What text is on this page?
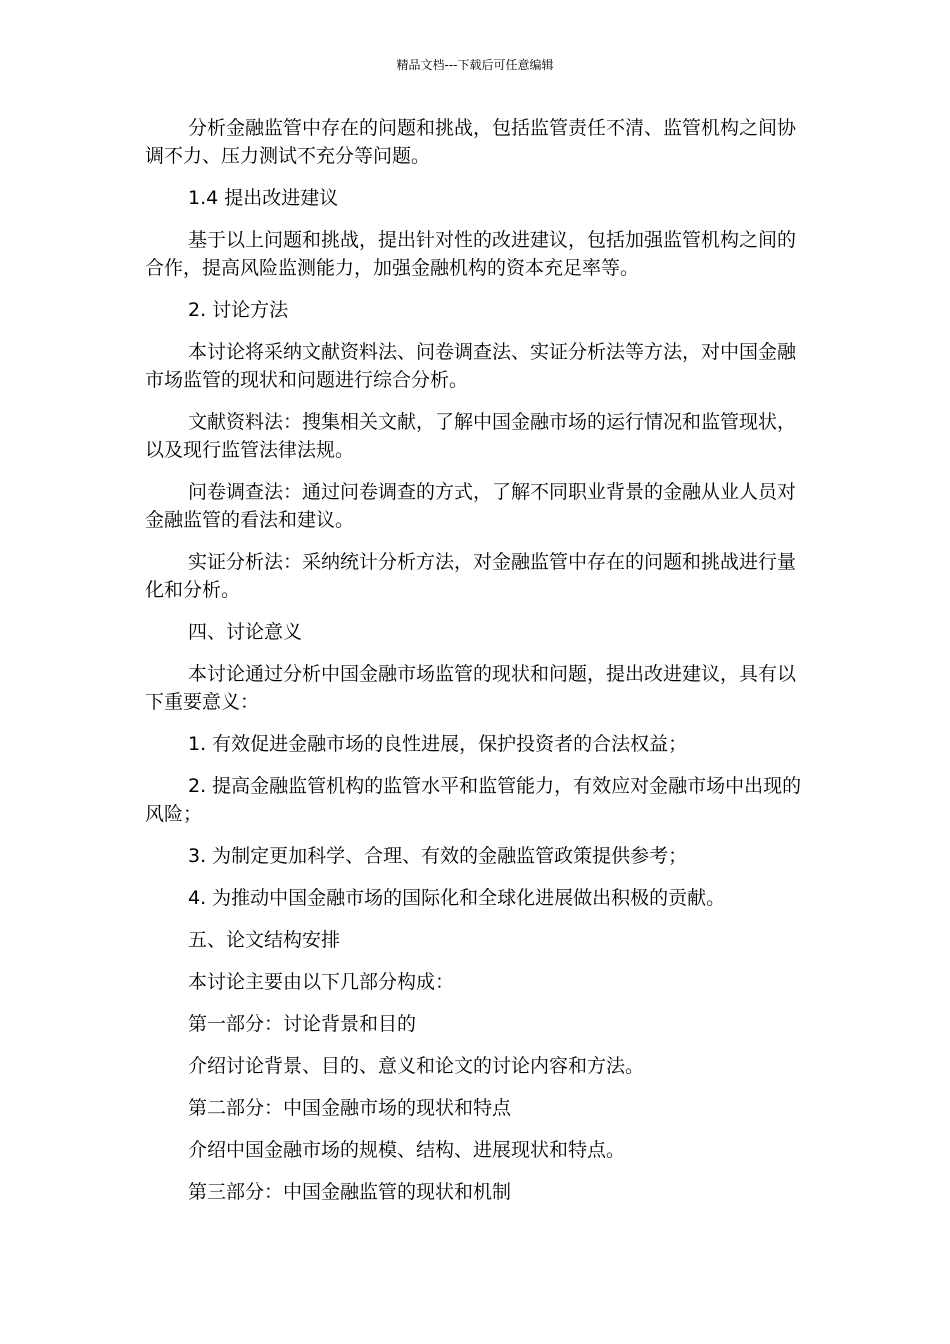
精品文档---下载后可任意编辑

分析金融监管中存在的问题和挑战，包括监管责任不清、监管机构之间协调不力、压力测试不充分等问题。

1.4 提出改进建议

基于以上问题和挑战，提出针对性的改进建议，包括加强监管机构之间的合作，提高风险监测能力，加强金融机构的资本充足率等。

2. 讨论方法

本讨论将采纳文献资料法、问卷调查法、实证分析法等方法，对中国金融市场监管的现状和问题进行综合分析。

文献资料法：搜集相关文献，了解中国金融市场的运行情况和监管现状，以及现行监管法律法规。

问卷调查法：通过问卷调查的方式，了解不同职业背景的金融从业人员对金融监管的看法和建议。

实证分析法：采纳统计分析方法，对金融监管中存在的问题和挑战进行量化和分析。

四、讨论意义

本讨论通过分析中国金融市场监管的现状和问题，提出改进建议，具有以下重要意义：

1. 有效促进金融市场的良性进展，保护投资者的合法权益；

2. 提高金融监管机构的监管水平和监管能力，有效应对金融市场中出现的风险；

3. 为制定更加科学、合理、有效的金融监管政策提供参考；

4. 为推动中国金融市场的国际化和全球化进展做出积极的贡献。

五、论文结构安排

本讨论主要由以下几部分构成：

第一部分：讨论背景和目的

介绍讨论背景、目的、意义和论文的讨论内容和方法。

第二部分：中国金融市场的现状和特点

介绍中国金融市场的规模、结构、进展现状和特点。

第三部分：中国金融监管的现状和机制
